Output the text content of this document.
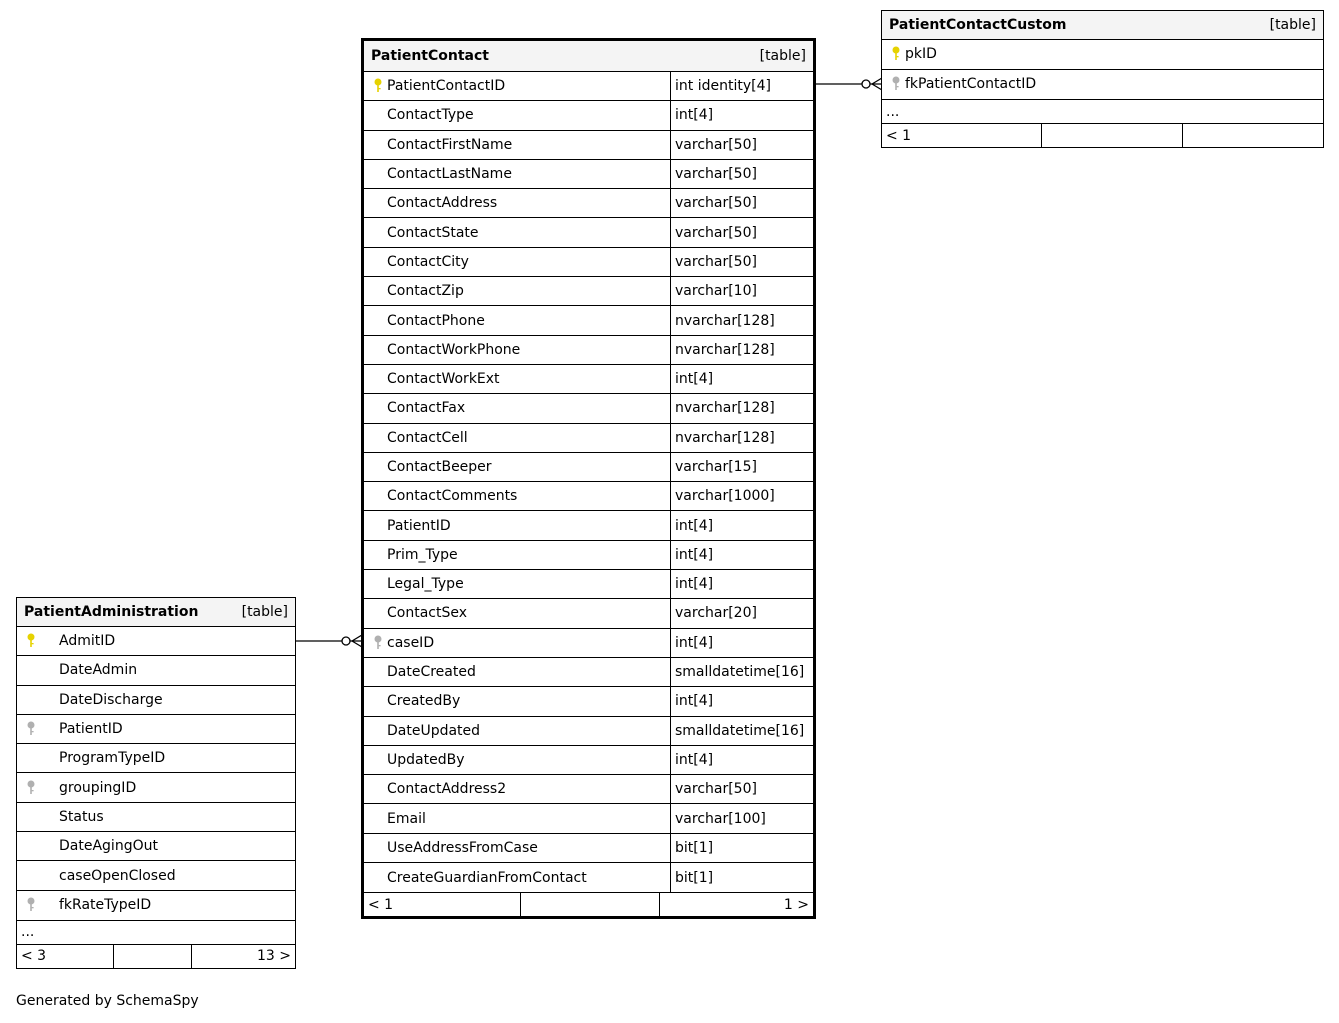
PatientContact	[table]
PatientContactID	int identity[4]
ContactType	int[4]
ContactFirstName	varchar[50]
ContactLastName	varchar[50]
ContactAddress	varchar[50]
ContactState	varchar[50]
ContactCity	varchar[50]
ContactZip	varchar[10]
ContactPhone	nvarchar[128]
ContactWorkPhone	nvarchar[128]
ContactWorkExt	int[4]
ContactFax	nvarchar[128]
ContactCell	nvarchar[128]
ContactBeeper	varchar[15]
ContactComments	varchar[1000]
PatientID	int[4]
Prim_Type	int[4]
Legal_Type	int[4]
ContactSex	varchar[20]
caseID	int[4]
DateCreated	smalldatetime[16]
CreatedBy	int[4]
DateUpdated	smalldatetime[16]
UpdatedBy	int[4]
ContactAddress2	varchar[50]
Email	varchar[100]
UseAddressFromCase	bit[1]
CreateGuardianFromContact	bit[1]
< 1	1 >
PatientContactCustom	[table]
pkID
fkPatientContactID
...
< 1
PatientAdministration	[table]
AdmitID
DateAdmin
DateDischarge
PatientID
ProgramTypeID
groupingID
Status
DateAgingOut
caseOpenClosed
fkRateTypeID
...
< 3	13 >
Generated by SchemaSpy
